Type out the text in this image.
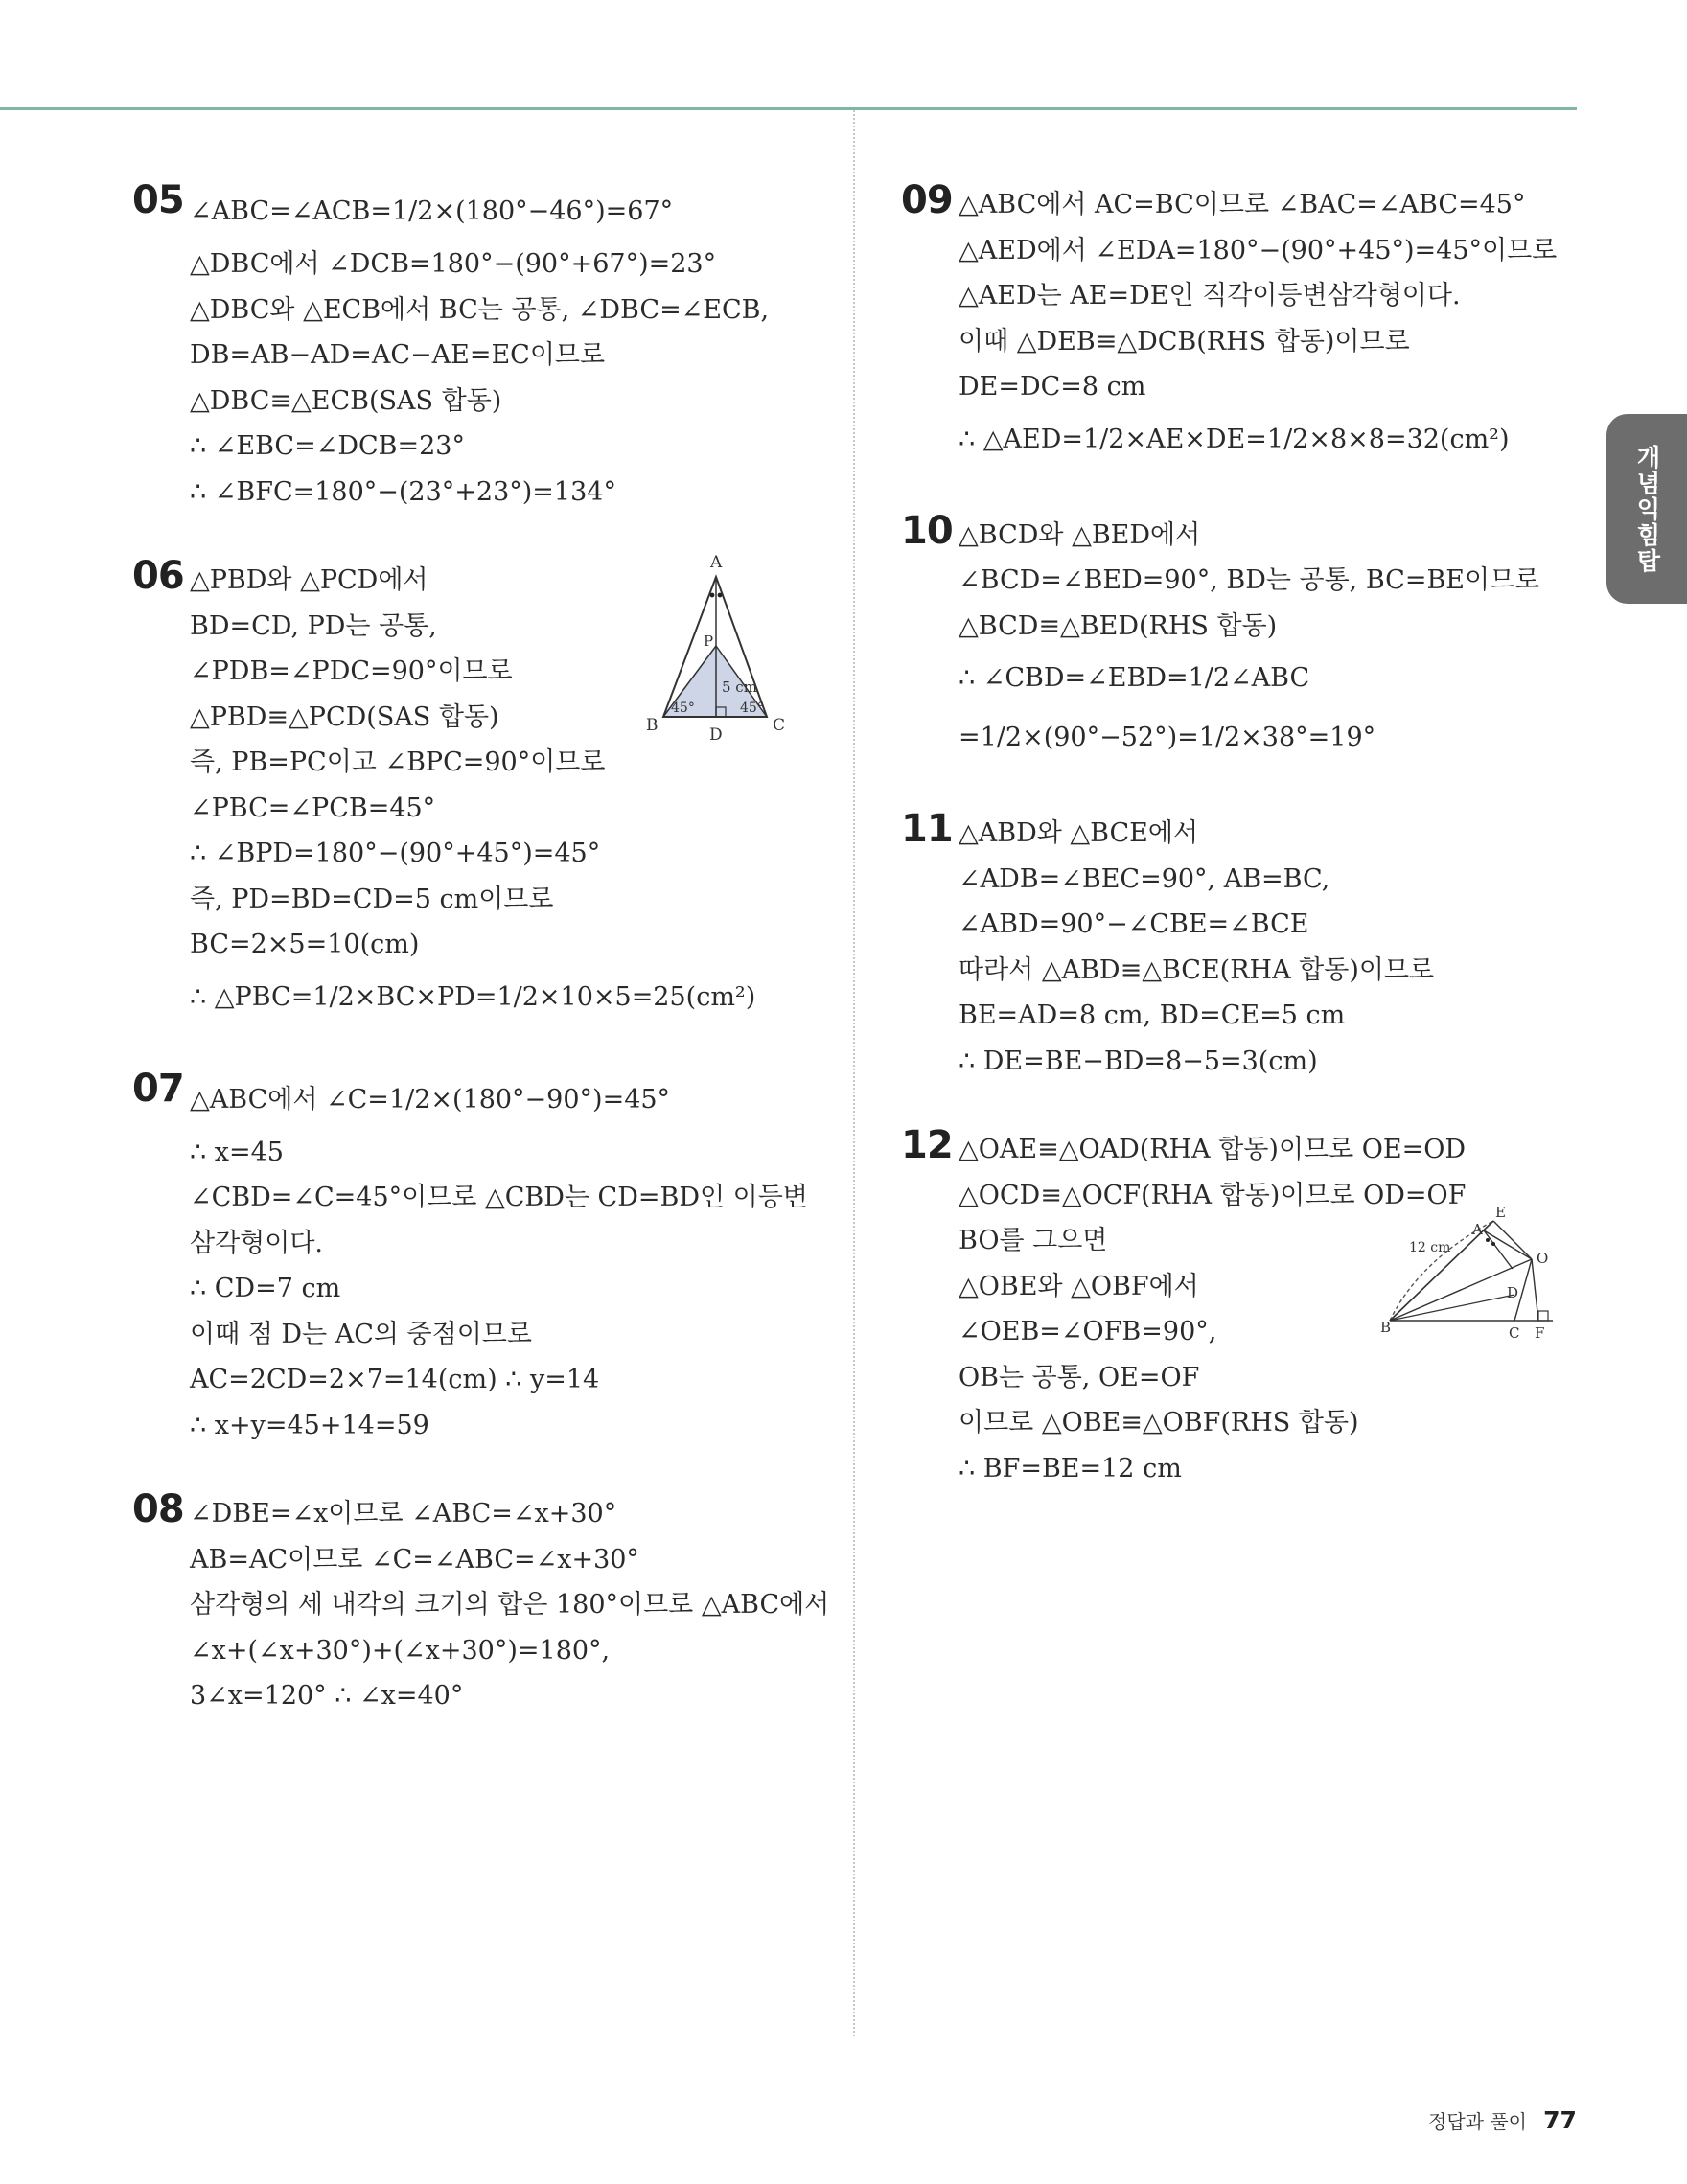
05 ∠ABC=∠ACB=1/2×(180°−46°)=67°
△DBC에서 ∠DCB=180°−(90°+67°)=23°
△DBC와 △ECB에서 BC는 공통, ∠DBC=∠ECB,
DB=AB−AD=AC−AE=EC이므로
△DBC≡△ECB(SAS 합동)
∴ ∠EBC=∠DCB=23°
∴ ∠BFC=180°−(23°+23°)=134°
06 △PBD와 △PCD에서
BD=CD, PD는 공통,
∠PDB=∠PDC=90°이므로
△PBD≡△PCD(SAS 합동)
즉, PB=PC이고 ∠BPC=90°이므로
∠PBC=∠PCB=45°
∴ ∠BPD=180°−(90°+45°)=45°
즉, PD=BD=CD=5 cm이므로
BC=2×5=10(cm)
∴ △PBC=1/2×BC×PD=1/2×10×5=25(cm²)
A
B	C
D
P
5 cm
45°	45°
07 △ABC에서 ∠C=1/2×(180°−90°)=45°
∴ x=45
∠CBD=∠C=45°이므로 △CBD는 CD=BD인 이등변
삼각형이다.
∴ CD=7 cm
이때 점 D는 AC의 중점이므로
AC=2CD=2×7=14(cm) ∴ y=14
∴ x+y=45+14=59
08 ∠DBE=∠x이므로 ∠ABC=∠x+30°
AB=AC이므로 ∠C=∠ABC=∠x+30°
삼각형의 세 내각의 크기의 합은 180°이므로 △ABC에서
∠x+(∠x+30°)+(∠x+30°)=180°,
3∠x=120° ∴ ∠x=40°
09 △ABC에서 AC=BC이므로 ∠BAC=∠ABC=45°
△AED에서 ∠EDA=180°−(90°+45°)=45°이므로
△AED는 AE=DE인 직각이등변삼각형이다.
이때 △DEB≡△DCB(RHS 합동)이므로
DE=DC=8 cm
∴ △AED=1/2×AE×DE=1/2×8×8=32(cm²)
10 △BCD와 △BED에서
∠BCD=∠BED=90°, BD는 공통, BC=BE이므로
△BCD≡△BED(RHS 합동)
∴ ∠CBD=∠EBD=1/2∠ABC
=1/2×(90°−52°)=1/2×38°=19°
11 △ABD와 △BCE에서
∠ADB=∠BEC=90°, AB=BC,
∠ABD=90°−∠CBE=∠BCE
따라서 △ABD≡△BCE(RHA 합동)이므로
BE=AD=8 cm, BD=CE=5 cm
∴ DE=BE−BD=8−5=3(cm)
12 △OAE≡△OAD(RHA 합동)이므로 OE=OD
△OCD≡△OCF(RHA 합동)이므로 OD=OF
BO를 그으면
△OBE와 △OBF에서
∠OEB=∠OFB=90°,
OB는 공통, OE=OF
이므로 △OBE≡△OBF(RHS 합동)
∴ BF=BE=12 cm
E
A
O
B
D
C F
12 cm
개념익힘탑
정답과 풀이 77
